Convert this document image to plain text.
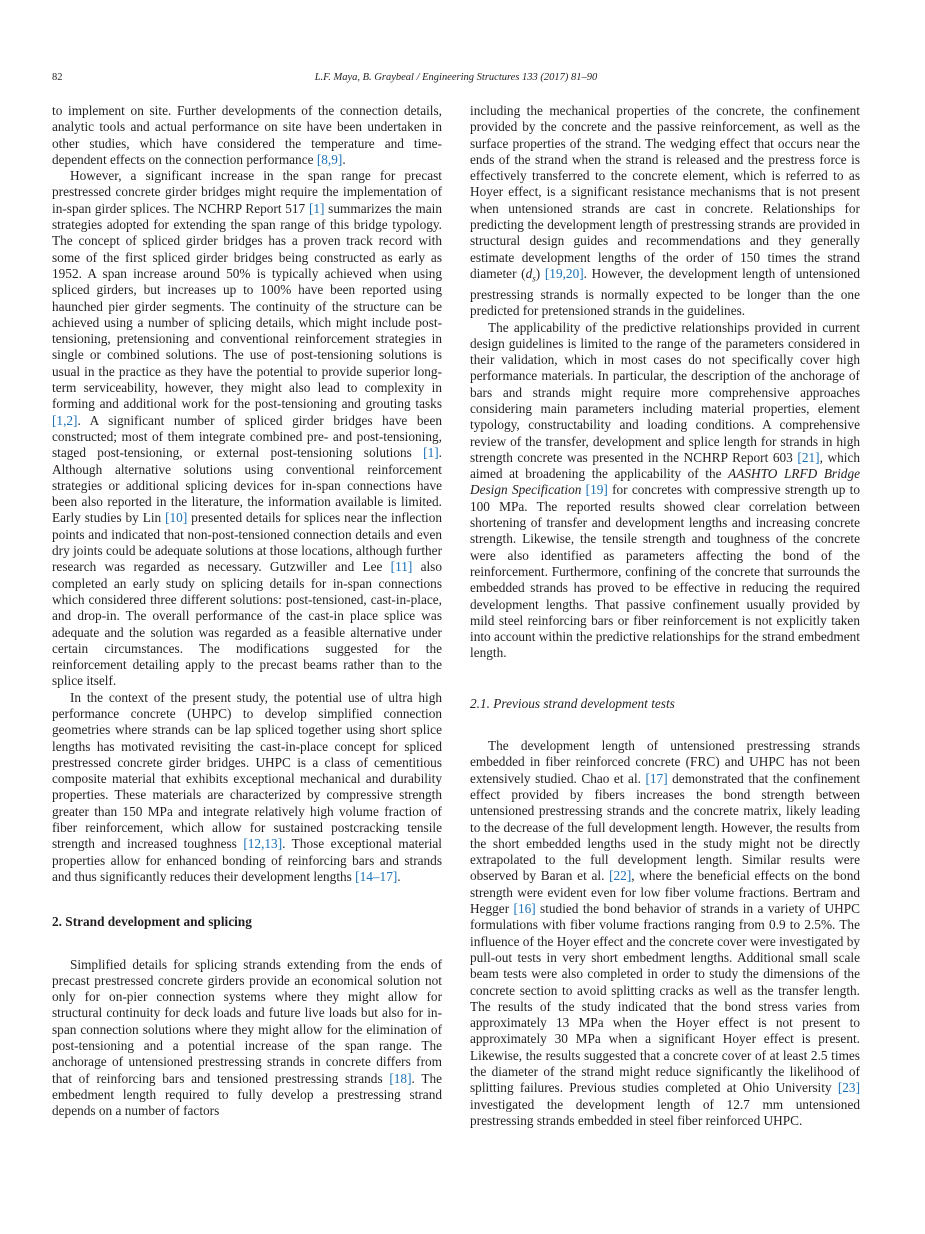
82	L.F. Maya, B. Graybeal / Engineering Structures 133 (2017) 81–90

to implement on site. Further developments of the connection details, analytic tools and actual performance on site have been undertaken in other studies, which have considered the temperature and time-dependent effects on the connection performance [8,9].

However, a significant increase in the span range for precast prestressed concrete girder bridges might require the implementation of in-span girder splices. The NCHRP Report 517 [1] summarizes the main strategies adopted for extending the span range of this bridge typology. The concept of spliced girder bridges has a proven track record with some of the first spliced girder bridges being constructed as early as 1952. A span increase around 50% is typically achieved when using spliced girders, but increases up to 100% have been reported using haunched pier girder segments. The continuity of the structure can be achieved using a number of splicing details, which might include post-tensioning, pretensioning and conventional reinforcement strategies in single or combined solutions. The use of post-tensioning solutions is usual in the practice as they have the potential to provide superior long-term serviceability, however, they might also lead to complexity in forming and additional work for the post-tensioning and grouting tasks [1,2]. A significant number of spliced girder bridges have been constructed; most of them integrate combined pre- and post-tensioning, staged post-tensioning, or external post-tensioning solutions [1]. Although alternative solutions using conventional reinforcement strategies or additional splicing devices for in-span connections have been also reported in the literature, the information available is limited. Early studies by Lin [10] presented details for splices near the inflection points and indicated that non-post-tensioned connection details and even dry joints could be adequate solutions at those locations, although further research was regarded as necessary. Gutzwiller and Lee [11] also completed an early study on splicing details for in-span connections which considered three different solutions: post-tensioned, cast-in-place, and drop-in. The overall performance of the cast-in place splice was adequate and the solution was regarded as a feasible alternative under certain circumstances. The modifications suggested for the reinforcement detailing apply to the precast beams rather than to the splice itself.

In the context of the present study, the potential use of ultra high performance concrete (UHPC) to develop simplified connection geometries where strands can be lap spliced together using short splice lengths has motivated revisiting the cast-in-place concept for spliced prestressed concrete girder bridges. UHPC is a class of cementitious composite material that exhibits exceptional mechanical and durability properties. These materials are characterized by compressive strength greater than 150 MPa and integrate relatively high volume fraction of fiber reinforcement, which allow for sustained postcracking tensile strength and increased toughness [12,13]. Those exceptional material properties allow for enhanced bonding of reinforcing bars and strands and thus significantly reduces their development lengths [14–17].

2. Strand development and splicing

Simplified details for splicing strands extending from the ends of precast prestressed concrete girders provide an economical solution not only for on-pier connection systems where they might allow for structural continuity for deck loads and future live loads but also for in-span connection solutions where they might allow for the elimination of post-tensioning and a potential increase of the span range. The anchorage of untensioned prestressing strands in concrete differs from that of reinforcing bars and tensioned prestressing strands [18]. The embedment length required to fully develop a prestressing strand depends on a number of factors

including the mechanical properties of the concrete, the confinement provided by the concrete and the passive reinforcement, as well as the surface properties of the strand. The wedging effect that occurs near the ends of the strand when the strand is released and the prestress force is effectively transferred to the concrete element, which is referred to as Hoyer effect, is a significant resistance mechanisms that is not present when untensioned strands are cast in concrete. Relationships for predicting the development length of prestressing strands are provided in structural design guides and recommendations and they generally estimate development lengths of the order of 150 times the strand diameter $(d_s)$ [19,20]. However, the development length of untensioned prestressing strands is normally expected to be longer than the one predicted for pretensioned strands in the guidelines.

The applicability of the predictive relationships provided in current design guidelines is limited to the range of the parameters considered in their validation, which in most cases do not specifically cover high performance materials. In particular, the description of the anchorage of bars and strands might require more comprehensive approaches considering main parameters including material properties, element typology, constructability and loading conditions. A comprehensive review of the transfer, development and splice length for strands in high strength concrete was presented in the NCHRP Report 603 [21], which aimed at broadening the applicability of the AASHTO LRFD Bridge Design Specification [19] for concretes with compressive strength up to 100 MPa. The reported results showed clear correlation between shortening of transfer and development lengths and increasing concrete strength. Likewise, the tensile strength and toughness of the concrete were also identified as parameters affecting the bond of the reinforcement. Furthermore, confining of the concrete that surrounds the embedded strands has proved to be effective in reducing the required development lengths. That passive confinement usually provided by mild steel reinforcing bars or fiber reinforcement is not explicitly taken into account within the predictive relationships for the strand embedment length.

2.1. Previous strand development tests

The development length of untensioned prestressing strands embedded in fiber reinforced concrete (FRC) and UHPC has not been extensively studied. Chao et al. [17] demonstrated that the confinement effect provided by fibers increases the bond strength between untensioned prestressing strands and the concrete matrix, likely leading to the decrease of the full development length. However, the results from the short embedded lengths used in the study might not be directly extrapolated to the full development length. Similar results were observed by Baran et al. [22], where the beneficial effects on the bond strength were evident even for low fiber volume fractions. Bertram and Hegger [16] studied the bond behavior of strands in a variety of UHPC formulations with fiber volume fractions ranging from 0.9 to 2.5%. The influence of the Hoyer effect and the concrete cover were investigated by pull-out tests in very short embedment lengths. Additional small scale beam tests were also completed in order to study the dimensions of the concrete section to avoid splitting cracks as well as the transfer length. The results of the study indicated that the bond stress varies from approximately 13 MPa when the Hoyer effect is not present to approximately 30 MPa when a significant Hoyer effect is present. Likewise, the results suggested that a concrete cover of at least 2.5 times the diameter of the strand might reduce significantly the likelihood of splitting failures. Previous studies completed at Ohio University [23] investigated the development length of 12.7 mm untensioned prestressing strands embedded in steel fiber reinforced UHPC.
